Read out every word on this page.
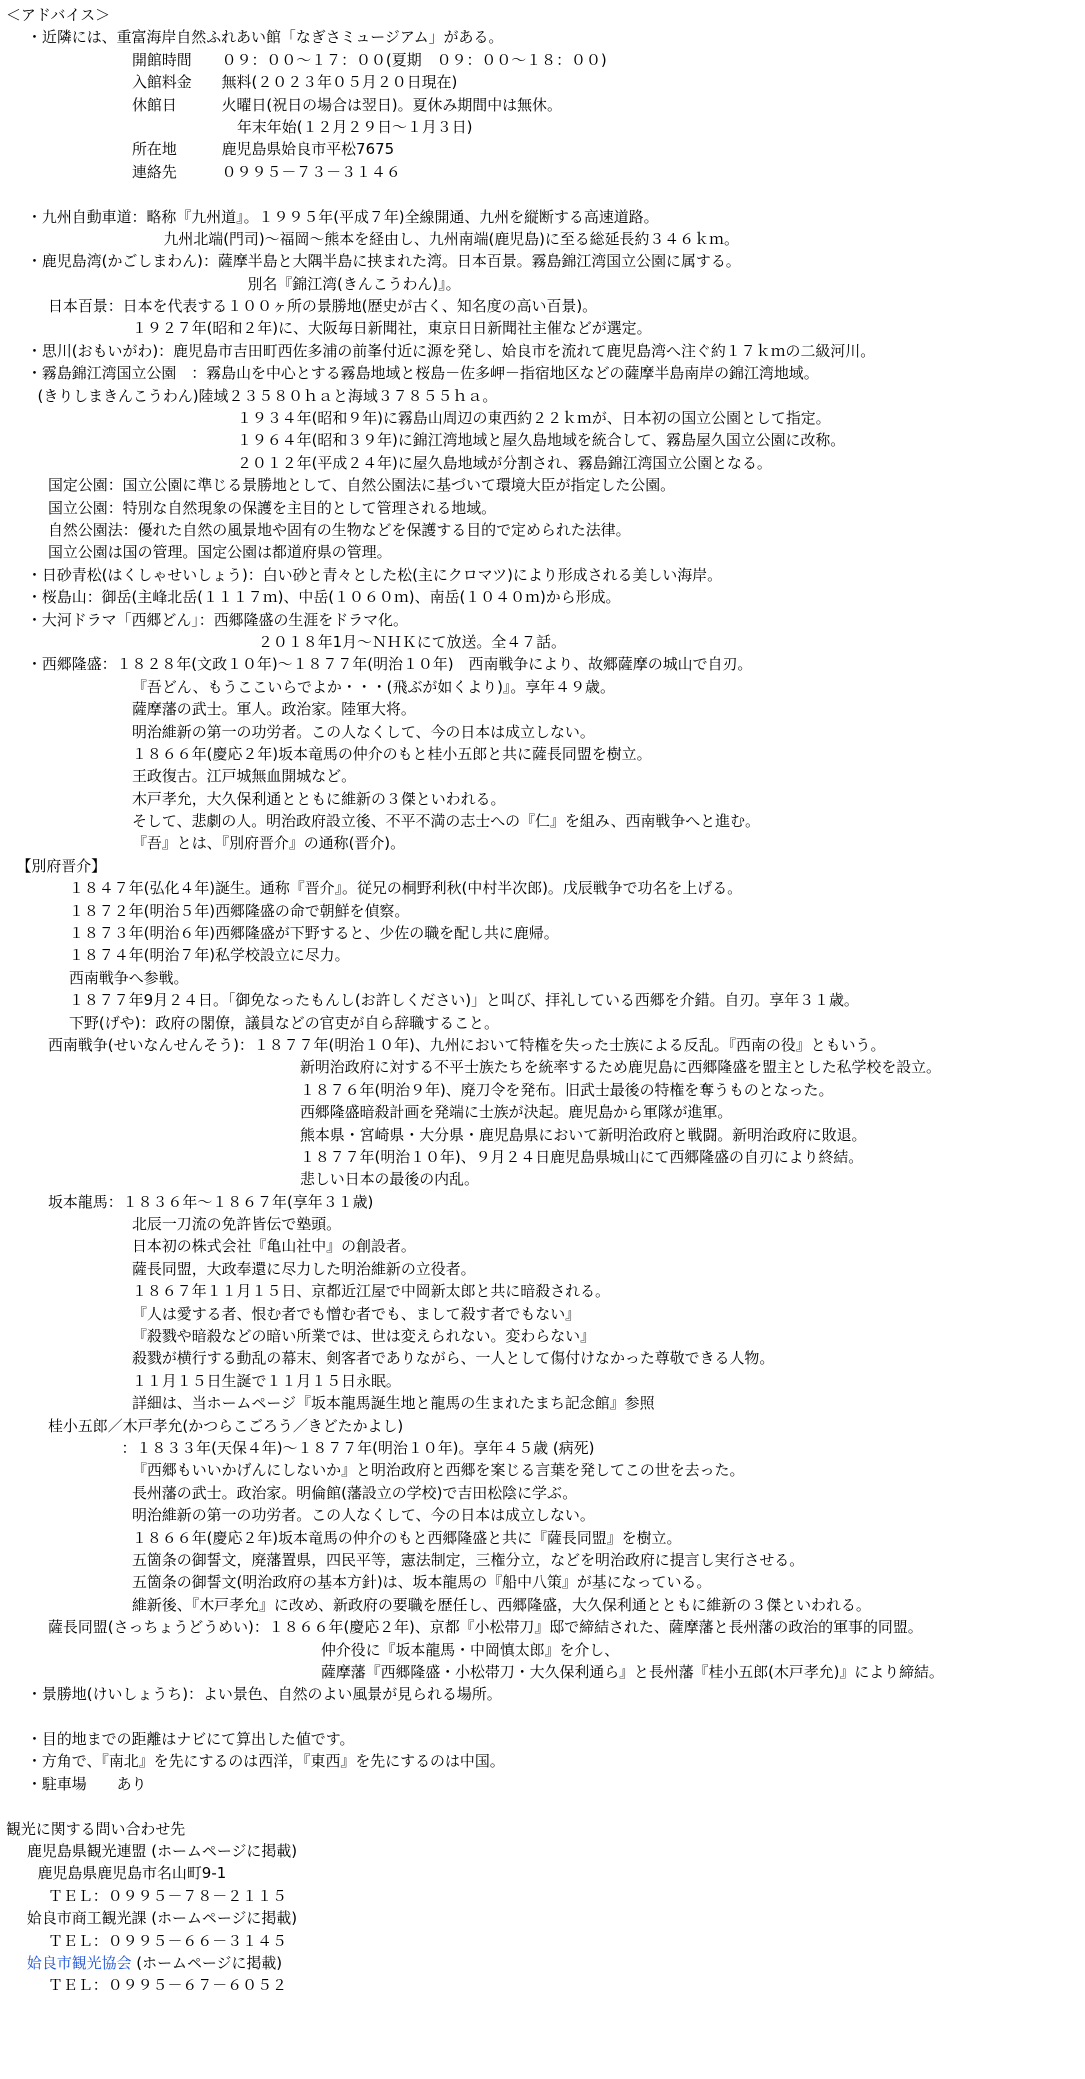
＜アドバイス＞
・近隣には、重富海岸自然ふれあい館「なぎさミュージアム」がある。
開館時間　　０９：００～１７：００(夏期　０９：００～１８：００)
入館料金　　無料(２０２３年０５月２０日現在)
休館日　　　火曜日(祝日の場合は翌日)。夏休み期間中は無休。
年末年始(１２月２９日～１月３日)
所在地　　　鹿児島県姶良市平松7675
連絡先　　　０９９５－７３－３１４６
・九州自動車道：略称『九州道』。１９９５年(平成７年)全線開通、九州を縦断する高速道路。
九州北端(門司)～福岡～熊本を経由し、九州南端(鹿児島)に至る総延長約３４６ｋｍ。
・鹿児島湾(かごしまわん)：薩摩半島と大隅半島に挟まれた湾。日本百景。霧島錦江湾国立公園に属する。
別名『錦江湾(きんこうわん)』。
日本百景：日本を代表する１００ヶ所の景勝地(歴史が古く、知名度の高い百景)。
１９２７年(昭和２年)に、大阪毎日新聞社，東京日日新聞社主催などが選定。
・思川(おもいがわ)：鹿児島市吉田町西佐多浦の前峯付近に源を発し、姶良市を流れて鹿児島湾へ注ぐ約１７ｋｍの二級河川。
・霧島錦江湾国立公園　：霧島山を中心とする霧島地域と桜島－佐多岬－指宿地区などの薩摩半島南岸の錦江湾地域。
(きりしまきんこうわん)陸域２３５８０ｈａと海域３７８５５ｈａ。
１９３４年(昭和９年)に霧島山周辺の東西約２２ｋｍが、日本初の国立公園として指定。
１９６４年(昭和３９年)に錦江湾地域と屋久島地域を統合して、霧島屋久国立公園に改称。
２０１２年(平成２４年)に屋久島地域が分割され、霧島錦江湾国立公園となる。
国定公園：国立公園に準じる景勝地として、自然公園法に基づいて環境大臣が指定した公園。
国立公園：特別な自然現象の保護を主目的として管理される地域。
自然公園法：優れた自然の風景地や固有の生物などを保護する目的で定められた法律。
国立公園は国の管理。国定公園は都道府県の管理。
・日砂青松(はくしゃせいしょう)：白い砂と青々とした松(主にクロマツ)により形成される美しい海岸。
・桜島山：御岳(主峰北岳(１１１７ｍ)、中岳(１０６０ｍ)、南岳(１０４０ｍ)から形成。
・大河ドラマ「西郷どん」：西郷隆盛の生涯をドラマ化。
２０１８年1月～ＮＨＫにて放送。全４７話。
・西郷隆盛：１８２８年(文政１０年)～１８７７年(明治１０年)　西南戦争により、故郷薩摩の城山で自刃。
『吾どん、もうここいらでよか・・・(飛ぶが如くより)』。享年４９歳。
薩摩藩の武士。軍人。政治家。陸軍大将。
明治維新の第一の功労者。この人なくして、今の日本は成立しない。
１８６６年(慶応２年)坂本竜馬の仲介のもと桂小五郎と共に薩長同盟を樹立。
王政復古。江戸城無血開城など。
木戸孝允，大久保利通とともに維新の３傑といわれる。
そして、悲劇の人。明治政府設立後、不平不満の志士への『仁』を組み、西南戦争へと進む。
『吾』とは、『別府晋介』の通称(晋介)。
【別府晋介】
１８４７年(弘化４年)誕生。通称『晋介』。従兄の桐野利秋(中村半次郎)。戊辰戦争で功名を上げる。
１８７２年(明治５年)西郷隆盛の命で朝鮮を偵察。
１８７３年(明治６年)西郷隆盛が下野すると、少佐の職を配し共に鹿帰。
１８７４年(明治７年)私学校設立に尽力。
西南戦争へ参戦。
１８７７年9月２４日。「御免なったもんし(お許しください)」と叫び、拝礼している西郷を介錯。自刃。享年３１歳。
下野(げや)：政府の閣僚，議員などの官吏が自ら辞職すること。
西南戦争(せいなんせんそう)：１８７７年(明治１０年)、九州において特権を失った士族による反乱。『西南の役』ともいう。
新明治政府に対する不平士族たちを統率するため鹿児島に西郷隆盛を盟主とした私学校を設立。
１８７６年(明治９年)、廃刀令を発布。旧武士最後の特権を奪うものとなった。
西郷隆盛暗殺計画を発端に士族が決起。鹿児島から軍隊が進軍。
熊本県・宮崎県・大分県・鹿児島県において新明治政府と戦闘。新明治政府に敗退。
１８７７年(明治１０年)、９月２４日鹿児島県城山にて西郷隆盛の自刃により終結。
悲しい日本の最後の内乱。
坂本龍馬：１８３６年～１８６７年(享年３１歳)
北辰一刀流の免許皆伝で塾頭。
日本初の株式会社『亀山社中』の創設者。
薩長同盟，大政奉還に尽力した明治維新の立役者。
１８６７年１１月１５日、京都近江屋で中岡新太郎と共に暗殺される。
『人は愛する者、恨む者でも憎む者でも、まして殺す者でもない』
『殺戮や暗殺などの暗い所業では、世は変えられない。変わらない』
殺戮が横行する動乱の幕末、剣客者でありながら、一人として傷付けなかった尊敬できる人物。
１１月１５日生誕で１１月１５日永眠。
詳細は、当ホームページ『坂本龍馬誕生地と龍馬の生まれたまち記念館』参照
桂小五郎／木戸孝允(かつらこごろう／きどたかよし)
：１８３３年(天保４年)～１８７７年(明治１０年)。享年４５歳 (病死)
『西郷もいいかげんにしないか』と明治政府と西郷を案じる言葉を発してこの世を去った。
長州藩の武士。政治家。明倫館(藩設立の学校)で吉田松陰に学ぶ。
明治維新の第一の功労者。この人なくして、今の日本は成立しない。
１８６６年(慶応２年)坂本竜馬の仲介のもと西郷隆盛と共に『薩長同盟』を樹立。
五箇条の御誓文，廃藩置県，四民平等，憲法制定，三権分立，などを明治政府に提言し実行させる。
五箇条の御誓文(明治政府の基本方針)は、坂本龍馬の『船中八策』が基になっている。
維新後、『木戸孝允』に改め、新政府の要職を歴任し、西郷隆盛，大久保利通とともに維新の３傑といわれる。
薩長同盟(さっちょうどうめい)：１８６６年(慶応２年)、京都『小松帯刀』邸で締結された、薩摩藩と長州藩の政治的軍事的同盟。
仲介役に『坂本龍馬・中岡慎太郎』を介し、
薩摩藩『西郷隆盛・小松帯刀・大久保利通ら』と長州藩『桂小五郎(木戸孝允)』により締結。
・景勝地(けいしょうち)：よい景色、自然のよい風景が見られる場所。
・目的地までの距離はナビにて算出した値です。
・方角で、『南北』を先にするのは西洋，『東西』を先にするのは中国。
・駐車場　　あり
観光に関する問い合わせ先
鹿児島県観光連盟 (ホームページに掲載)
鹿児島県鹿児島市名山町9-1
ＴＥＬ：０９９５－７８－２１１５
姶良市商工観光課 (ホームページに掲載)
ＴＥＬ：０９９５－６６－３１４５
姶良市観光協会 (ホームページに掲載)
ＴＥＬ：０９９５－６７－６０５２
